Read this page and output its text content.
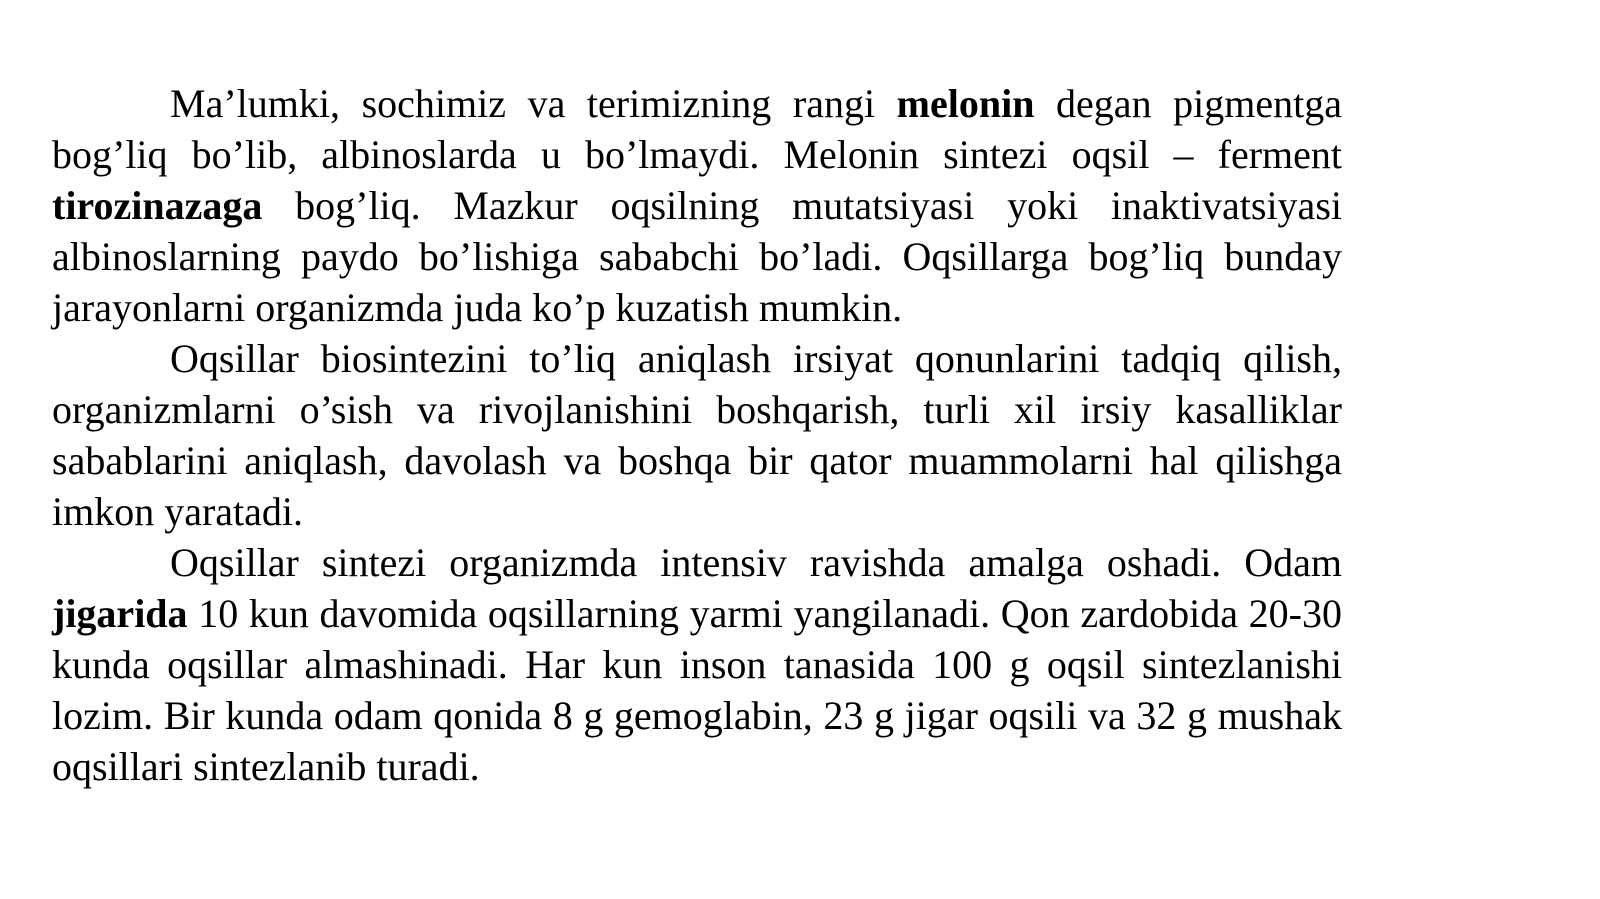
Ma’lumki, sochimiz va terimizning rangi melonin degan pigmentga bog’liq bo’lib, albinoslarda u bo’lmaydi. Melonin sintezi oqsil – ferment tirozinazaga bog’liq. Mazkur oqsilning mutatsiyasi yoki inaktivatsiyasi albinoslarning paydo bo’lishiga sababchi bo’ladi. Oqsillarga bog’liq bunday jarayonlarni organizmda juda ko’p kuzatish mumkin.

Oqsillar biosintezini to’liq aniqlash irsiyat qonunlarini tadqiq qilish, organizmlarni o’sish va rivojlanishini boshqarish, turli xil irsiy kasalliklar sabablarini aniqlash, davolash va boshqa bir qator muammolarni hal qilishga imkon yaratadi.

Oqsillar sintezi organizmda intensiv ravishda amalga oshadi. Odam jigarida 10 kun davomida oqsillarning yarmi yangilanadi. Qon zardobida 20-30 kunda oqsillar almashinadi. Har kun inson tanasida 100 g oqsil sintezlanishi lozim. Bir kunda odam qonida 8 g gemoglabin, 23 g jigar oqsili va 32 g mushak oqsillari sintezlanib turadi.
